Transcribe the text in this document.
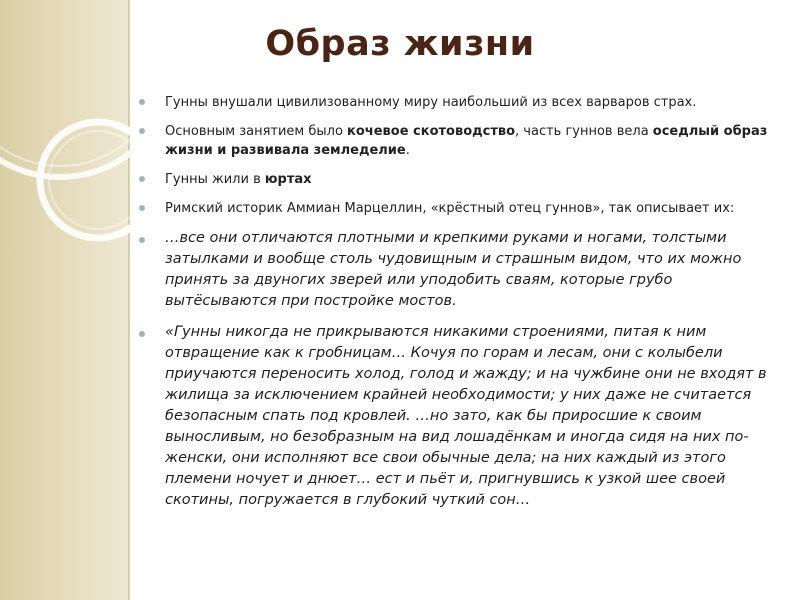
Образ жизни
Гунны внушали цивилизованному миру наибольший из всех варваров страх.
Основным занятием было кочевое скотоводство, часть гуннов вела оседлый образ жизни и развивала земледелие.
Гунны жили в юртах
Римский историк Аммиан Марцеллин, «крёстный отец гуннов», так описывает их:
…все они отличаются плотными и крепкими руками и ногами, толстыми затылками и вообще столь чудовищным и страшным видом, что их можно принять за двуногих зверей или уподобить сваям, которые грубо вытёсываются при постройке мостов.
«Гунны никогда не прикрываются никакими строениями, питая к ним отвращение как к гробницам… Кочуя по горам и лесам, они с колыбели приучаются переносить холод, голод и жажду; и на чужбине они не входят в жилища за исключением крайней необходимости; у них даже не считается безопасным спать под кровлей. …но зато, как бы приросшие к своим выносливым, но безобразным на вид лошадёнкам и иногда сидя на них по-женски, они исполняют все свои обычные дела; на них каждый из этого племени ночует и днюет… ест и пьёт и, пригнувшись к узкой шее своей скотины, погружается в глубокий чуткий сон…
